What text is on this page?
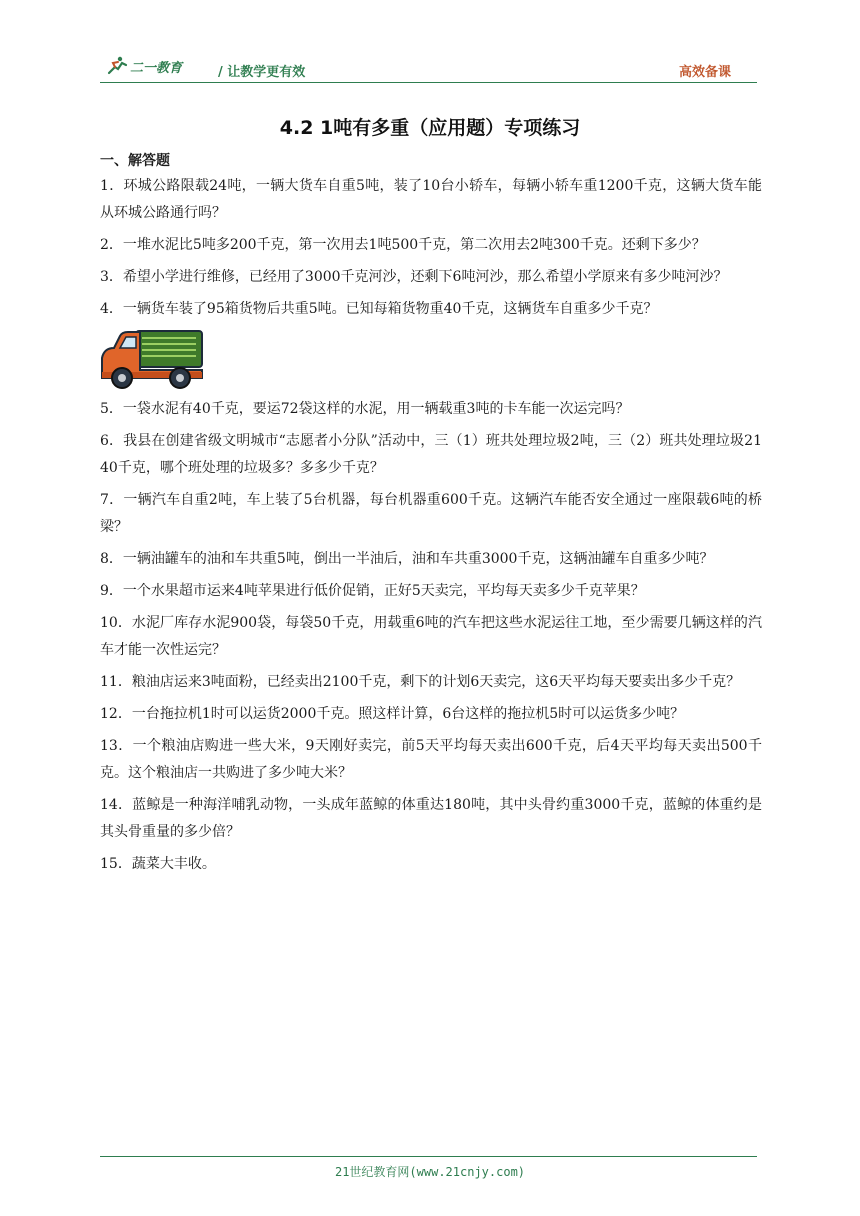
二一教育	/ 让教学更有效	高效备课
4.2 1吨有多重（应用题）专项练习
一、解答题

1．环城公路限载24吨，一辆大货车自重5吨，装了10台小轿车，每辆小轿车重1200千克，这辆大货车能从环城公路通行吗？

2．一堆水泥比5吨多200千克，第一次用去1吨500千克，第二次用去2吨300千克。还剩下多少？

3．希望小学进行维修，已经用了3000千克河沙，还剩下6吨河沙，那么希望小学原来有多少吨河沙？

4．一辆货车装了95箱货物后共重5吨。已知每箱货物重40千克，这辆货车自重多少千克？

5．一袋水泥有40千克，要运72袋这样的水泥，用一辆载重3吨的卡车能一次运完吗？

6．我县在创建省级文明城市“志愿者小分队”活动中，三（1）班共处理垃圾2吨，三（2）班共处理垃圾2140千克，哪个班处理的垃圾多？多多少千克？

7．一辆汽车自重2吨，车上装了5台机器，每台机器重600千克。这辆汽车能否安全通过一座限载6吨的桥梁？

8．一辆油罐车的油和车共重5吨，倒出一半油后，油和车共重3000千克，这辆油罐车自重多少吨？

9．一个水果超市运来4吨苹果进行低价促销，正好5天卖完，平均每天卖多少千克苹果？

10．水泥厂库存水泥900袋，每袋50千克，用载重6吨的汽车把这些水泥运往工地，至少需要几辆这样的汽车才能一次性运完？

11．粮油店运来3吨面粉，已经卖出2100千克，剩下的计划6天卖完，这6天平均每天要卖出多少千克？

12．一台拖拉机1时可以运货2000千克。照这样计算，6台这样的拖拉机5时可以运货多少吨？

13．一个粮油店购进一些大米，9天刚好卖完，前5天平均每天卖出600千克，后4天平均每天卖出500千克。这个粮油店一共购进了多少吨大米？

14．蓝鲸是一种海洋哺乳动物，一头成年蓝鲸的体重达180吨，其中头骨约重3000千克，蓝鲸的体重约是其头骨重量的多少倍？

15．蔬菜大丰收。

21世纪教育网(www.21cnjy.com)
